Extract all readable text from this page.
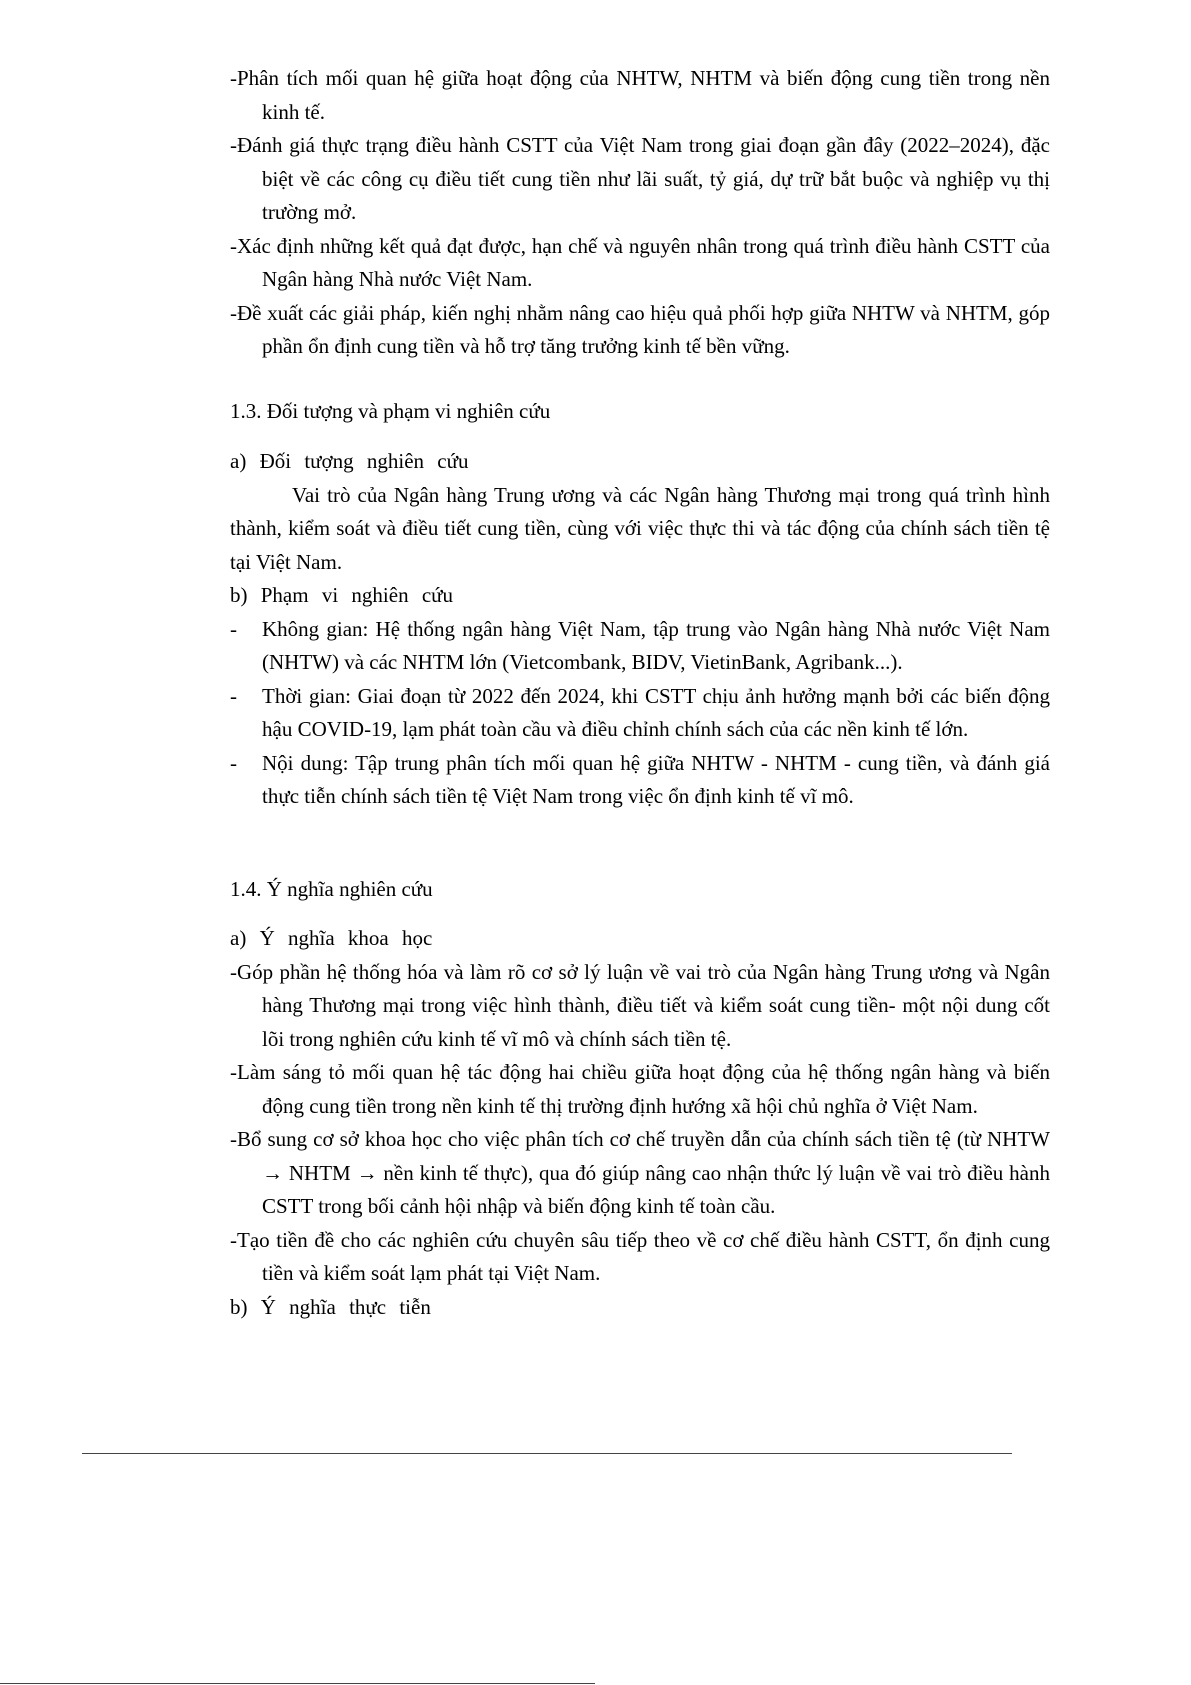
-Phân tích mối quan hệ giữa hoạt động của NHTW, NHTM và biến động cung tiền trong nền kinh tế.

-Đánh giá thực trạng điều hành CSTT của Việt Nam trong giai đoạn gần đây (2022–2024), đặc biệt về các công cụ điều tiết cung tiền như lãi suất, tỷ giá, dự trữ bắt buộc và nghiệp vụ thị trường mở.

-Xác định những kết quả đạt được, hạn chế và nguyên nhân trong quá trình điều hành CSTT của Ngân hàng Nhà nước Việt Nam.

-Đề xuất các giải pháp, kiến nghị nhằm nâng cao hiệu quả phối hợp giữa NHTW và NHTM, góp phần ổn định cung tiền và hỗ trợ tăng trưởng kinh tế bền vững.

1.3. Đối tượng và phạm vi nghiên cứu

a) Đối tượng nghiên cứu

Vai trò của Ngân hàng Trung ương và các Ngân hàng Thương mại trong quá trình hình thành, kiểm soát và điều tiết cung tiền, cùng với việc thực thi và tác động của chính sách tiền tệ tại Việt Nam.

b) Phạm vi nghiên cứu

- Không gian: Hệ thống ngân hàng Việt Nam, tập trung vào Ngân hàng Nhà nước Việt Nam (NHTW) và các NHTM lớn (Vietcombank, BIDV, VietinBank, Agribank...).
- Thời gian: Giai đoạn từ 2022 đến 2024, khi CSTT chịu ảnh hưởng mạnh bởi các biến động hậu COVID-19, lạm phát toàn cầu và điều chỉnh chính sách của các nền kinh tế lớn.
- Nội dung: Tập trung phân tích mối quan hệ giữa NHTW - NHTM - cung tiền, và đánh giá thực tiễn chính sách tiền tệ Việt Nam trong việc ổn định kinh tế vĩ mô.

1.4. Ý nghĩa nghiên cứu

a) Ý nghĩa khoa học

-Góp phần hệ thống hóa và làm rõ cơ sở lý luận về vai trò của Ngân hàng Trung ương và Ngân hàng Thương mại trong việc hình thành, điều tiết và kiểm soát cung tiền- một nội dung cốt lõi trong nghiên cứu kinh tế vĩ mô và chính sách tiền tệ.

-Làm sáng tỏ mối quan hệ tác động hai chiều giữa hoạt động của hệ thống ngân hàng và biến động cung tiền trong nền kinh tế thị trường định hướng xã hội chủ nghĩa ở Việt Nam.

-Bổ sung cơ sở khoa học cho việc phân tích cơ chế truyền dẫn của chính sách tiền tệ (từ NHTW → NHTM → nền kinh tế thực), qua đó giúp nâng cao nhận thức lý luận về vai trò điều hành CSTT trong bối cảnh hội nhập và biến động kinh tế toàn cầu.

-Tạo tiền đề cho các nghiên cứu chuyên sâu tiếp theo về cơ chế điều hành CSTT, ổn định cung tiền và kiểm soát lạm phát tại Việt Nam.

b) Ý nghĩa thực tiễn
